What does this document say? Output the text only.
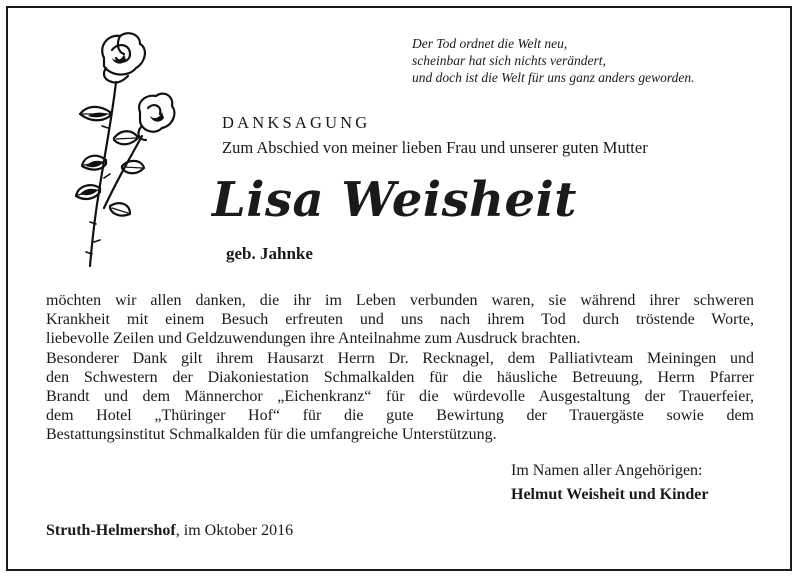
Der Tod ordnet die Welt neu,
scheinbar hat sich nichts verändert,
und doch ist die Welt für uns ganz anders geworden.
DANKSAGUNG
Zum Abschied von meiner lieben Frau und unserer guten Mutter
Lisa Weisheit
geb. Jahnke
möchten wir allen danken, die ihr im Leben verbunden waren, sie während ihrer schweren
Krankheit mit einem Besuch erfreuten und uns nach ihrem Tod durch tröstende Worte,
liebevolle Zeilen und Geldzuwendungen ihre Anteilnahme zum Ausdruck brachten.
Besonderer Dank gilt ihrem Hausarzt Herrn Dr. Recknagel, dem Palliativteam Meiningen und
den Schwestern der Diakoniestation Schmalkalden für die häusliche Betreuung, Herrn Pfarrer
Brandt und dem Männerchor „Eichenkranz“ für die würdevolle Ausgestaltung der Trauerfeier,
dem Hotel „Thüringer Hof“ für die gute Bewirtung der Trauergäste sowie dem
Bestattungsinstitut Schmalkalden für die umfangreiche Unterstützung.
Im Namen aller Angehörigen:
Helmut Weisheit und Kinder
Struth-Helmershof, im Oktober 2016
